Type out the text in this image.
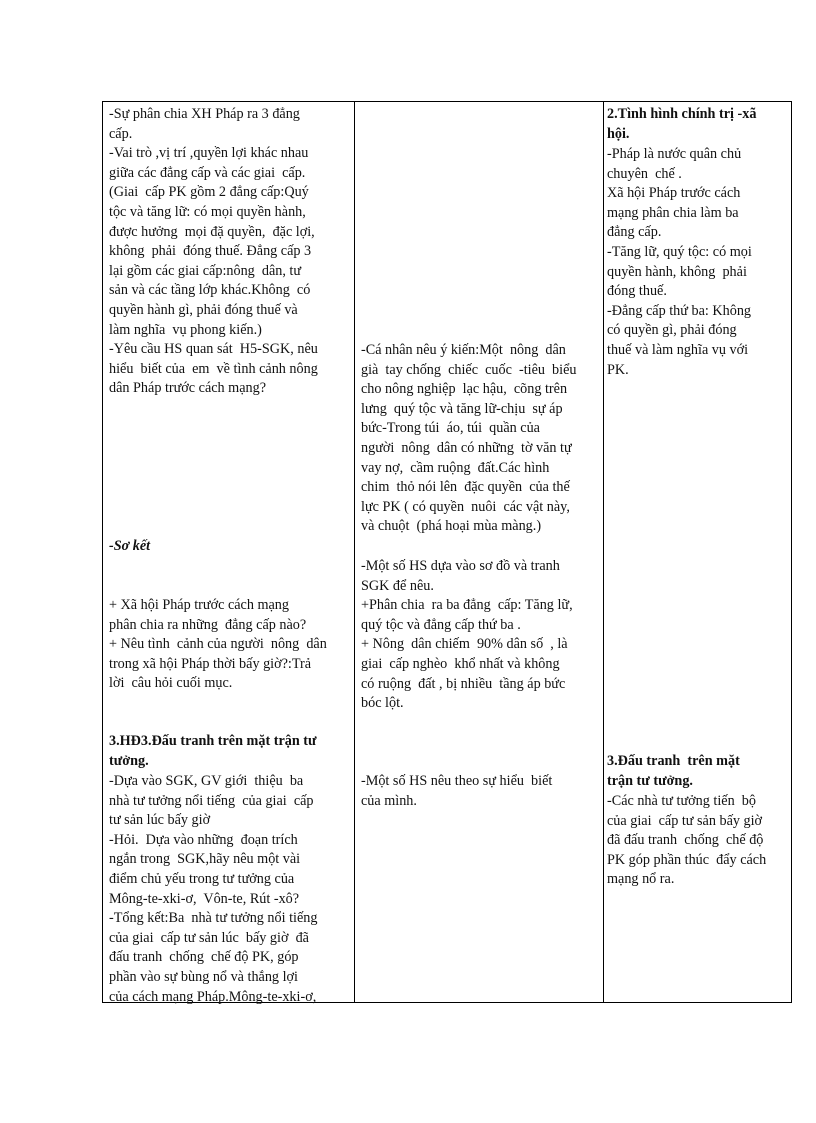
-Sự phân chia XH Pháp ra 3 đẳng
cấp.
-Vai trò ,vị trí ,quyền lợi khác nhau
giữa các đẳng cấp và các giai  cấp.
(Giai  cấp PK gồm 2 đẳng cấp:Quý
tộc và tăng lữ: có mọi quyền hành,
được hưởng  mọi đặ quyền,  đặc lợi,
không  phải  đóng thuế. Đẳng cấp 3
lại gồm các giai cấp:nông  dân, tư
sản và các tầng lớp khác.Không  có
quyền hành gì, phải đóng thuế và
làm nghĩa  vụ phong kiến.)
-Yêu cầu HS quan sát  H5-SGK, nêu
hiểu  biết của  em  về tình cảnh nông
dân Pháp trước cách mạng?
-Sơ kết
+ Xã hội Pháp trước cách mạng
phân chia ra những  đẳng cấp nào?
+ Nêu tình  cảnh của người  nông  dân
trong xã hội Pháp thời bấy giờ?:Trả
lời  câu hỏi cuối mục.
3.HĐ3.Đấu tranh trên mặt trận tư
tưởng.
-Dựa vào SGK, GV giới  thiệu  ba
nhà tư tưởng nổi tiếng  của giai  cấp
tư sản lúc bấy giờ
-Hỏi.  Dựa vào những  đoạn trích
ngắn trong  SGK,hãy nêu một vài
điểm chủ yếu trong tư tưởng của
Mông-te-xki-ơ,  Vôn-te, Rút -xô?
-Tổng kết:Ba  nhà tư tưởng nổi tiếng
của giai  cấp tư sản lúc  bấy giờ  đã
đấu tranh  chống  chế độ PK, góp
phần vào sự bùng nổ và thắng lợi
của cách mạng Pháp.Mông-te-xki-ơ,
-Cá nhân nêu ý kiến:Một  nông  dân
già  tay chống  chiếc  cuốc  -tiêu  biểu
cho nông nghiệp  lạc hậu,  cõng trên
lưng  quý tộc và tăng lữ-chịu  sự áp
bức-Trong túi  áo, túi  quần của
người  nông  dân có những  tờ văn tự
vay nợ,  cầm ruộng  đất.Các hình
chim  thỏ nói lên  đặc quyền  của thế
lực PK ( có quyền  nuôi  các vật này,
và chuột  (phá hoại mùa màng.)
-Một số HS dựa vào sơ đồ và tranh
SGK để nêu.
+Phân chia  ra ba đẳng  cấp: Tăng lữ,
quý tộc và đẳng cấp thứ ba .
+ Nông  dân chiếm  90% dân số  , là
giai  cấp nghèo  khổ nhất và không
có ruộng  đất , bị nhiều  tầng áp bức
bóc lột.
-Một số HS nêu theo sự hiểu  biết
của mình.
2.Tình hình chính trị -xã
hội.
-Pháp là nước quân chủ
chuyên  chế .
Xã hội Pháp trước cách
mạng phân chia làm ba
đẳng cấp.
-Tăng lữ, quý tộc: có mọi
quyền hành, không  phải
đóng thuế.
-Đẳng cấp thứ ba: Không
có quyền gì, phải đóng
thuế và làm nghĩa vụ với
PK.
3.Đấu tranh  trên mặt
trận tư tưởng.
-Các nhà tư tưởng tiến  bộ
của giai  cấp tư sản bấy giờ
đã đấu tranh  chống  chế độ
PK góp phần thúc  đẩy cách
mạng nổ ra.
